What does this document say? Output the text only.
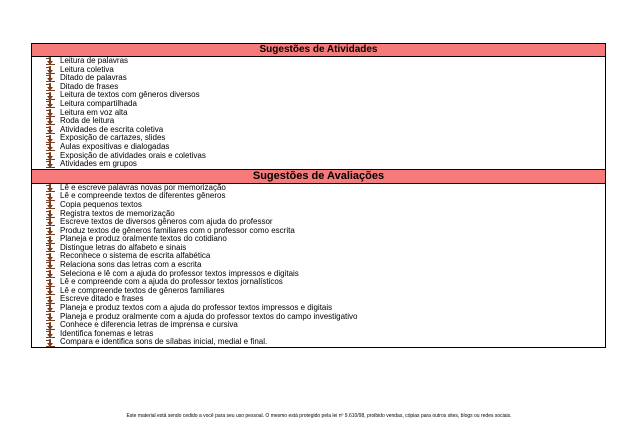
Sugestões de Atividades
Leitura de palavras
Leitura coletiva
Ditado de palavras
Ditado de frases
Leitura de textos com gêneros diversos
Leitura compartilhada
Leitura em voz alta
Roda de leitura
Atividades de escrita coletiva
Exposição de cartazes, slides
Aulas expositivas e dialogadas
Exposição de atividades orais e coletivas
Atividades em grupos
Sugestões de Avaliações
Lê e escreve palavras novas por memorização
Lê e compreende textos de diferentes gêneros
Copia pequenos textos
Registra textos de memorização
Escreve textos de diversos gêneros com ajuda do professor
Produz textos de gêneros familiares com o professor como escrita
Planeja e produz oralmente textos do cotidiano
Distingue letras do alfabeto e sinais
Reconhece o sistema de escrita alfabética
Relaciona sons das letras com a escrita
Seleciona e lê com a ajuda do professor textos impressos e digitais
Lê e compreende com a ajuda do professor textos jornalísticos
Lê e compreende textos de gêneros familiares
Escreve ditado e frases
Planeja e produz textos com a ajuda do professor textos impressos e digitais
Planeja e produz oralmente com a ajuda do professor textos do campo investigativo
Conhece e diferencia letras de imprensa e cursiva
Identifica fonemas e letras
Compara e identifica sons de sílabas inicial, medial e final.
Este material está sendo cedido a você para seu uso pessoal. O mesmo está protegido pela lei nº 9.610/98, proibido vendas, cópias para outros sites, blogs ou redes sociais.
